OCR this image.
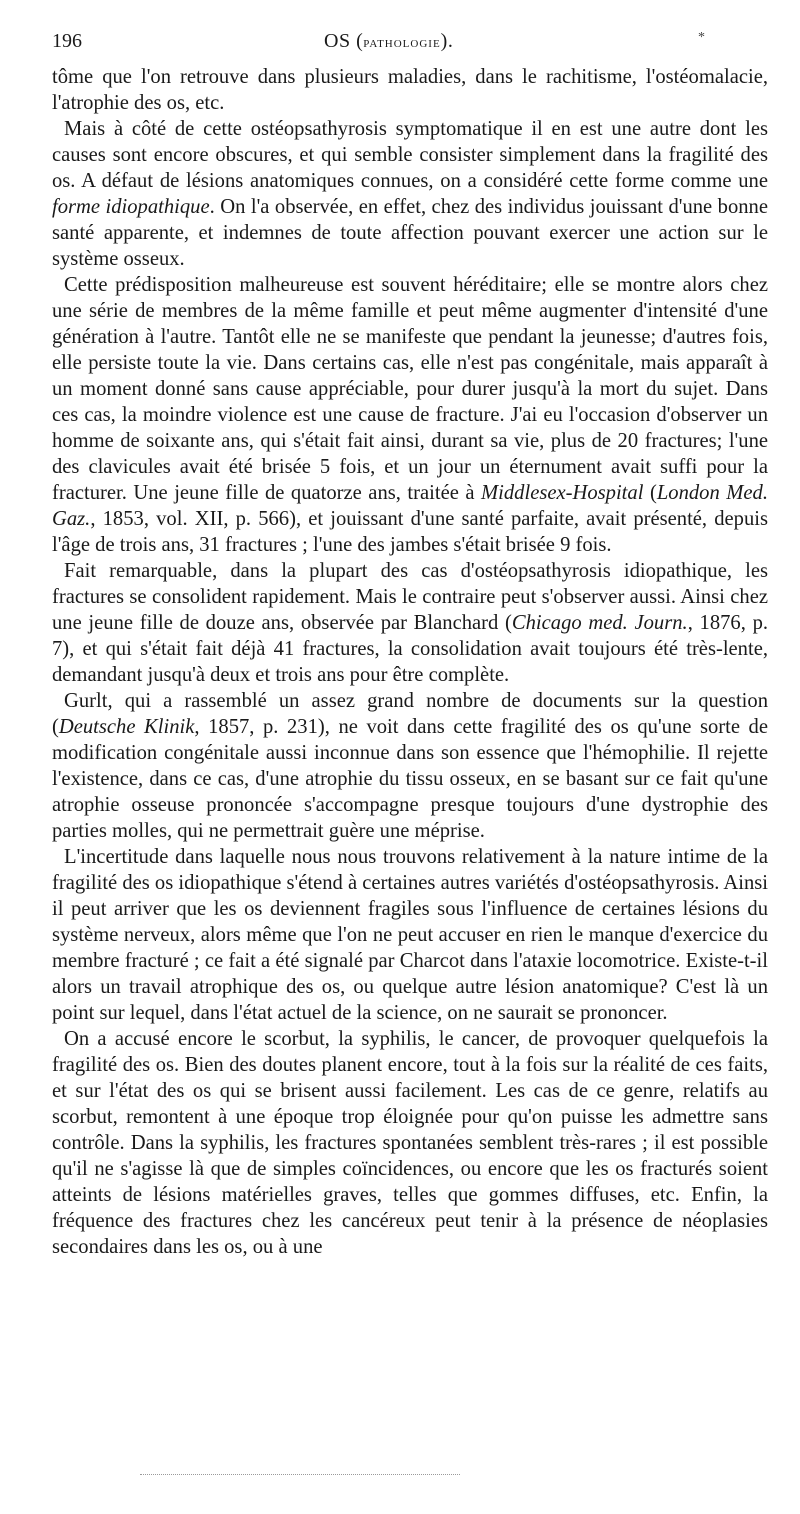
196	OS (pathologie).

tôme que l'on retrouve dans plusieurs maladies, dans le rachitisme, l'ostéomalacie, l'atrophie des os, etc.

Mais à côté de cette ostéopsathyrosis symptomatique il en est une autre dont les causes sont encore obscures, et qui semble consister simplement dans la fragilité des os. A défaut de lésions anatomiques connues, on a considéré cette forme comme une forme idiopathique. On l'a observée, en effet, chez des individus jouissant d'une bonne santé apparente, et indemnes de toute affection pouvant exercer une action sur le système osseux.

Cette prédisposition malheureuse est souvent héréditaire; elle se montre alors chez une série de membres de la même famille et peut même augmenter d'intensité d'une génération à l'autre. Tantôt elle ne se manifeste que pendant la jeunesse; d'autres fois, elle persiste toute la vie. Dans certains cas, elle n'est pas congénitale, mais apparaît à un moment donné sans cause appréciable, pour durer jusqu'à la mort du sujet. Dans ces cas, la moindre violence est une cause de fracture. J'ai eu l'occasion d'observer un homme de soixante ans, qui s'était fait ainsi, durant sa vie, plus de 20 fractures; l'une des clavicules avait été brisée 5 fois, et un jour un éternument avait suffi pour la fracturer. Une jeune fille de quatorze ans, traitée à Middlesex-Hospital (London Med. Gaz., 1853, vol. XII, p. 566), et jouissant d'une santé parfaite, avait présenté, depuis l'âge de trois ans, 31 fractures ; l'une des jambes s'était brisée 9 fois.

Fait remarquable, dans la plupart des cas d'ostéopsathyrosis idiopathique, les fractures se consolident rapidement. Mais le contraire peut s'observer aussi. Ainsi chez une jeune fille de douze ans, observée par Blanchard (Chicago med. Journ., 1876, p. 7), et qui s'était fait déjà 41 fractures, la consolidation avait toujours été très-lente, demandant jusqu'à deux et trois ans pour être complète.

Gurlt, qui a rassemblé un assez grand nombre de documents sur la question (Deutsche Klinik, 1857, p. 231), ne voit dans cette fragilité des os qu'une sorte de modification congénitale aussi inconnue dans son essence que l'hémophilie. Il rejette l'existence, dans ce cas, d'une atrophie du tissu osseux, en se basant sur ce fait qu'une atrophie osseuse prononcée s'accompagne presque toujours d'une dystrophie des parties molles, qui ne permettrait guère une méprise.

L'incertitude dans laquelle nous nous trouvons relativement à la nature intime de la fragilité des os idiopathique s'étend à certaines autres variétés d'ostéopsathyrosis. Ainsi il peut arriver que les os deviennent fragiles sous l'influence de certaines lésions du système nerveux, alors même que l'on ne peut accuser en rien le manque d'exercice du membre fracturé ; ce fait a été signalé par Charcot dans l'ataxie locomotrice. Existe-t-il alors un travail atrophique des os, ou quelque autre lésion anatomique? C'est là un point sur lequel, dans l'état actuel de la science, on ne saurait se prononcer.

On a accusé encore le scorbut, la syphilis, le cancer, de provoquer quelquefois la fragilité des os. Bien des doutes planent encore, tout à la fois sur la réalité de ces faits, et sur l'état des os qui se brisent aussi facilement. Les cas de ce genre, relatifs au scorbut, remontent à une époque trop éloignée pour qu'on puisse les admettre sans contrôle. Dans la syphilis, les fractures spontanées semblent très-rares ; il est possible qu'il ne s'agisse là que de simples coïncidences, ou encore que les os fracturés soient atteints de lésions matérielles graves, telles que gommes diffuses, etc. Enfin, la fréquence des fractures chez les cancéreux peut tenir à la présence de néoplasies secondaires dans les os, ou à une

*
